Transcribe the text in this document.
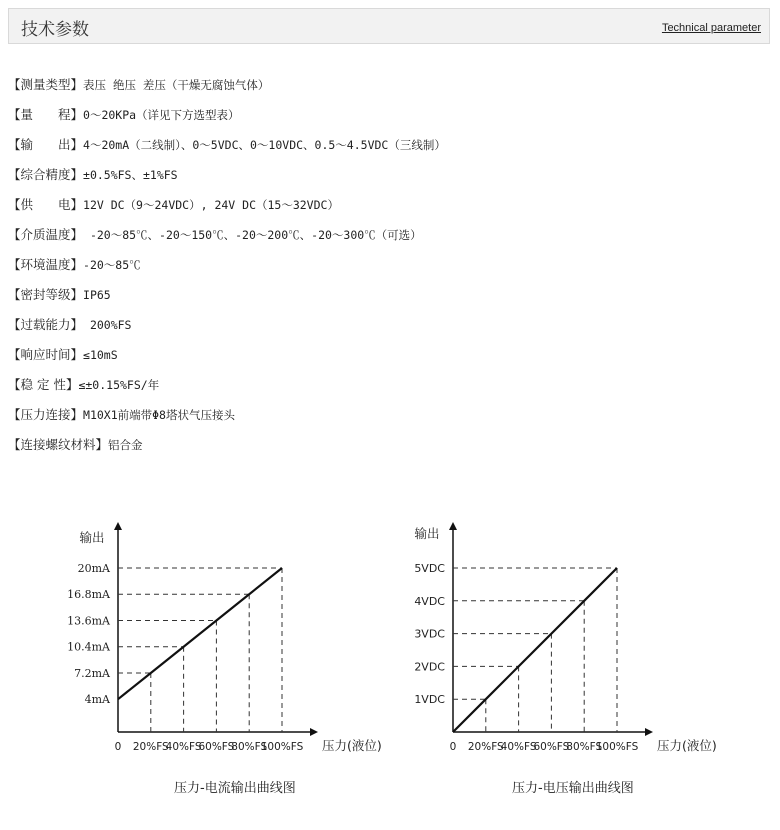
技术参数	Technical parameter
【测量类型】表压 绝压 差压（干燥无腐蚀气体）
【量　　程】0～20KPa（详见下方选型表）
【输　　出】4～20mA（二线制）、0～5VDC、0～10VDC、0.5～4.5VDC（三线制）
【综合精度】±0.5%FS、±1%FS
【供　　电】12V DC（9～24VDC）, 24V DC（15～32VDC）
【介质温度】 -20～85℃、-20～150℃、-20～200℃、-20～300℃（可选）
【环境温度】-20～85℃
【密封等级】IP65
【过载能力】 200%FS
【响应时间】≤10mS
【稳 定 性】≤±0.15%FS/年
【压力连接】M10X1前端带Φ8塔状气压接头
【连接螺纹材料】铝合金
4mA
7.2mA
10.4mA
13.6mA
16.8mA
20mA
0 20%FS
40%FS
60%FS
80%FS
100%FS
输出
压力(液位)
1VDC
2VDC
3VDC
4VDC
5VDC
0 20%FS
40%FS
60%FS
80%FS
100%FS
输出
压力(液位)
压力-电流输出曲线图	压力-电压输出曲线图
